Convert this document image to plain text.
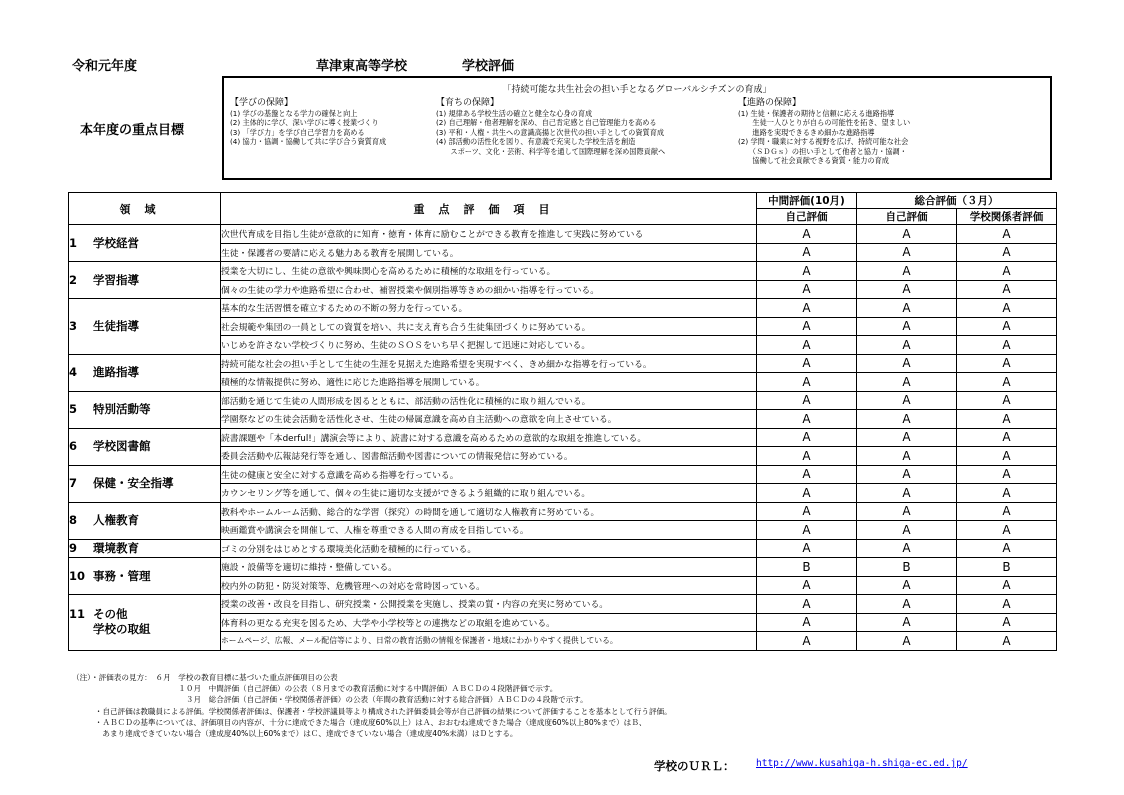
令和元年度	草津東高等学校	学校評価
本年度の重点目標
「持続可能な共生社会の担い手となるグローバルシチズンの育成」
【学びの保障】
(1) 学びの基盤となる学力の確保と向上
(2) 主体的に学び、深い学びに導く授業づくり
(3) 「学び力」を学び自己学習力を高める
(4) 協力・協調・協働して共に学び合う資質育成
【育ちの保障】
(1) 規律ある学校生活の確立と健全な心身の育成
(2) 自己理解・他者理解を深め、自己肯定感と自己管理能力を高める
(3) 平和・人権・共生への意識高揚と次世代の担い手としての資質育成
(4) 部活動の活性化を図り、有意義で充実した学校生活を創造
　　スポーツ、文化・芸術、科学等を通して国際理解を深め国際貢献へ
【進路の保障】
(1) 生徒・保護者の期待と信頼に応える進路指導
　　生徒一人ひとりが自らの可能性を拓き、望ましい
　　進路を実現できるきめ細かな進路指導
(2) 学問・職業に対する視野を広げ、持続可能な社会
　　（ＳＤＧｓ）の担い手として他者と協力・協調・
　　協働して社会貢献できる資質・能力の育成
領域	重点評価項目	中間評価(10月)	総合評価（３月）	
		自己評価	自己評価	学校関係者評価
1 学校経営	次世代育成を目指し生徒が意欲的に知育・徳育・体育に励むことができる教育を推進して実践に努めている	A	A	A
	生徒・保護者の要請に応える魅力ある教育を展開している。	A	A	A
2 学習指導	授業を大切にし、生徒の意欲や興味関心を高めるために積極的な取組を行っている。	A	A	A
	個々の生徒の学力や進路希望に合わせ、補習授業や個別指導等きめの細かい指導を行っている。	A	A	A
3 生徒指導	基本的な生活習慣を確立するための不断の努力を行っている。	A	A	A
	社会規範や集団の一員としての資質を培い、共に支え育ち合う生徒集団づくりに努めている。	A	A	A
	いじめを許さない学校づくりに努め、生徒のＳＯＳをいち早く把握して迅速に対応している。	A	A	A
4 進路指導	持続可能な社会の担い手として生徒の生涯を見据えた進路希望を実現すべく、きめ細かな指導を行っている。	A	A	A
	積極的な情報提供に努め、適性に応じた進路指導を展開している。	A	A	A
5 特別活動等	部活動を通じて生徒の人間形成を図るとともに、部活動の活性化に積極的に取り組んでいる。	A	A	A
	学園祭などの生徒会活動を活性化させ、生徒の帰属意識を高め自主活動への意欲を向上させている。	A	A	A
6 学校図書館	読書課題や「本derful!」講演会等により、読書に対する意識を高めるための意欲的な取組を推進している。	A	A	A
	委員会活動や広報誌発行等を通し、図書館活動や図書についての情報発信に努めている。	A	A	A
7 保健・安全指導	生徒の健康と安全に対する意識を高める指導を行っている。	A	A	A
	カウンセリング等を通して、個々の生徒に適切な支援ができるよう組織的に取り組んでいる。	A	A	A
8 人権教育	教科やホームルーム活動、総合的な学習（探究）の時間を通して適切な人権教育に努めている。	A	A	A
	映画鑑賞や講演会を開催して、人権を尊重できる人間の育成を目指している。	A	A	A
9 環境教育	ゴミの分別をはじめとする環境美化活動を積極的に行っている。	A	A	A
10 事務・管理	施設・設備等を適切に維持・整備している。	B	B	B
	校内外の防犯・防災対策等、危機管理への対応を常時図っている。	A	A	A
11 その他
学校の取組	授業の改善・改良を目指し、研究授業・公開授業を実施し、授業の質・内容の充実に努めている。	A	A	A
	体育科の更なる充実を図るため、大学や小学校等との連携などの取組を進めている。	A	A	A
	ホームページ、広報、メール配信等により、日常の教育活動の情報を保護者・地域にわかりやすく提供している。	A	A	A
（注）・評価表の見方：　６月　学校の教育目標に基づいた重点評価項目の公表
　　　　　　　　　　　　　　１０月　中間評価（自己評価）の公表（８月までの教育活動に対する中間評価）ＡＢＣＤの４段階評価で示す。
　　　　　　　　　　　　　　　３月　総合評価（自己評価・学校関係者評価）の公表（年間の教育活動に対する総合評価）ＡＢＣＤの４段階で示す。
　　　・自己評価は教職員による評価。学校関係者評価は、保護者・学校評議員等より構成された評価委員会等が自己評価の結果について評価することを基本として行う評価。
　　　・ＡＢＣＤの基準については、評価項目の内容が、十分に達成できた場合（達成度60%以上）はＡ、おおむね達成できた場合（達成度60%以上80%まで）はＢ、
　　　　あまり達成できていない場合（達成度40%以上60%まで）はＣ、達成できていない場合（達成度40%未満）はＤとする。
学校のＵＲＬ： http://www.kusahiga-h.shiga-ec.ed.jp/
